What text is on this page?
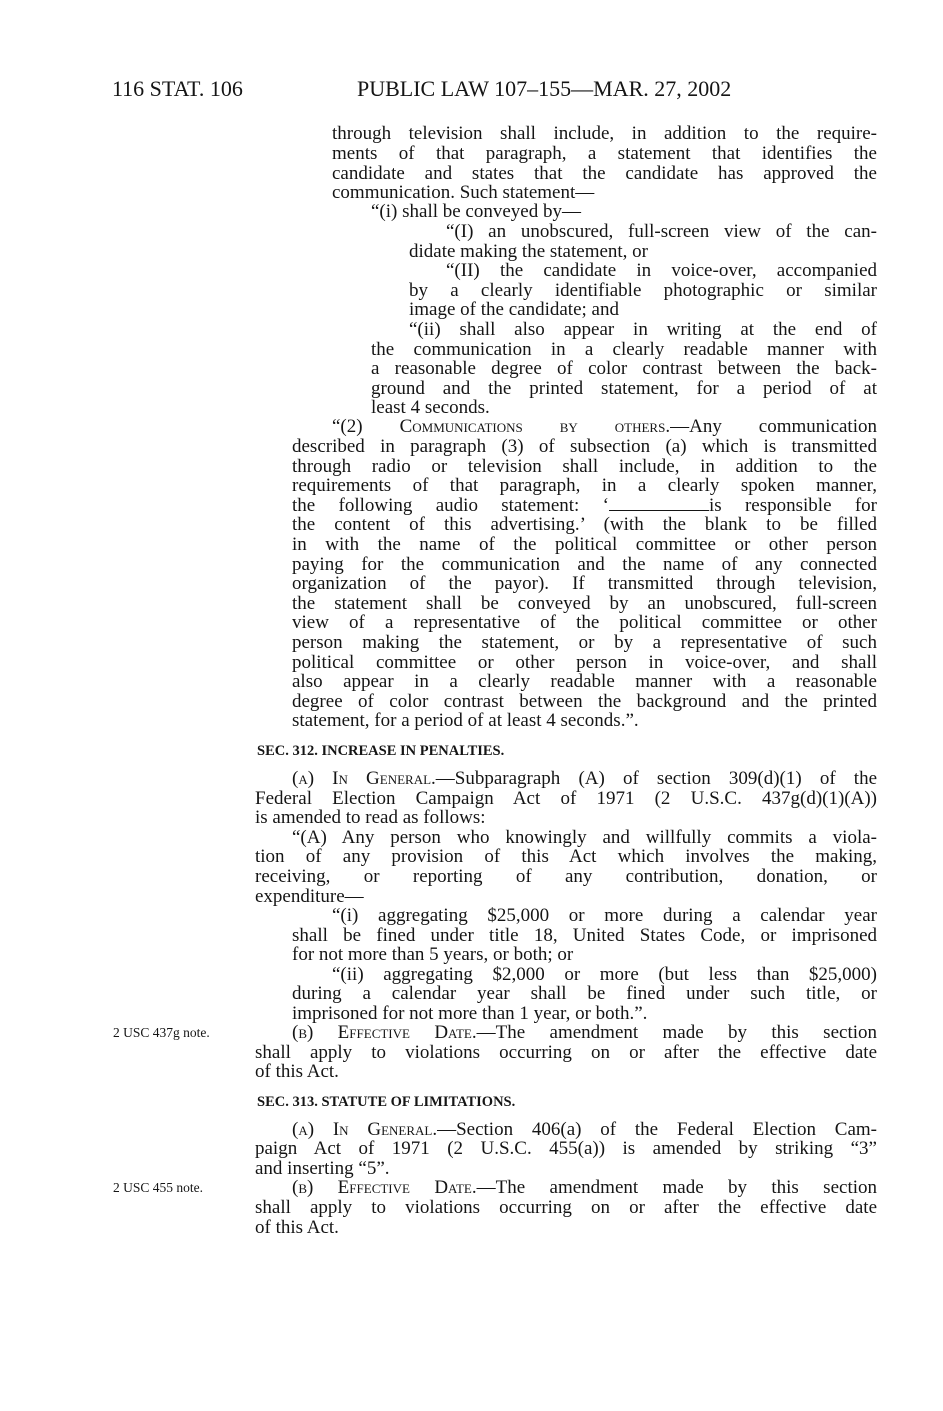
116 STAT. 106	PUBLIC LAW 107–155—MAR. 27, 2002
through television shall include, in addition to the require-
ments of that paragraph, a statement that identifies the
candidate and states that the candidate has approved the
communication. Such statement—
“(i) shall be conveyed by—
“(I) an unobscured, full-screen view of the can-
didate making the statement, or
“(II) the candidate in voice-over, accompanied
by a clearly identifiable photographic or similar
image of the candidate; and
“(ii) shall also appear in writing at the end of
the communication in a clearly readable manner with
a reasonable degree of color contrast between the back-
ground and the printed statement, for a period of at
least 4 seconds.
“(2) Communications by others.—Any communication
described in paragraph (3) of subsection (a) which is transmitted
through radio or television shall include, in addition to the
requirements of that paragraph, in a clearly spoken manner,
the following audio statement: ‘	is responsible for
the content of this advertising.’ (with the blank to be filled
in with the name of the political committee or other person
paying for the communication and the name of any connected
organization of the payor). If transmitted through television,
the statement shall be conveyed by an unobscured, full-screen
view of a representative of the political committee or other
person making the statement, or by a representative of such
political committee or other person in voice-over, and shall
also appear in a clearly readable manner with a reasonable
degree of color contrast between the background and the printed
statement, for a period of at least 4 seconds.”.
SEC. 312. INCREASE IN PENALTIES.
(a) In General.—Subparagraph (A) of section 309(d)(1) of the
Federal Election Campaign Act of 1971 (2 U.S.C. 437g(d)(1)(A))
is amended to read as follows:
“(A) Any person who knowingly and willfully commits a viola-
tion of any provision of this Act which involves the making,
receiving, or reporting of any contribution, donation, or
expenditure—
“(i) aggregating $25,000 or more during a calendar year
shall be fined under title 18, United States Code, or imprisoned
for not more than 5 years, or both; or
“(ii) aggregating $2,000 or more (but less than $25,000)
during a calendar year shall be fined under such title, or
imprisoned for not more than 1 year, or both.”.
2 USC 437g note.	(b) Effective Date.—The amendment made by this section
shall apply to violations occurring on or after the effective date
of this Act.
SEC. 313. STATUTE OF LIMITATIONS.
(a) In General.—Section 406(a) of the Federal Election Cam-
paign Act of 1971 (2 U.S.C. 455(a)) is amended by striking “3”
and inserting “5”.
2 USC 455 note.	(b) Effective Date.—The amendment made by this section
shall apply to violations occurring on or after the effective date
of this Act.
